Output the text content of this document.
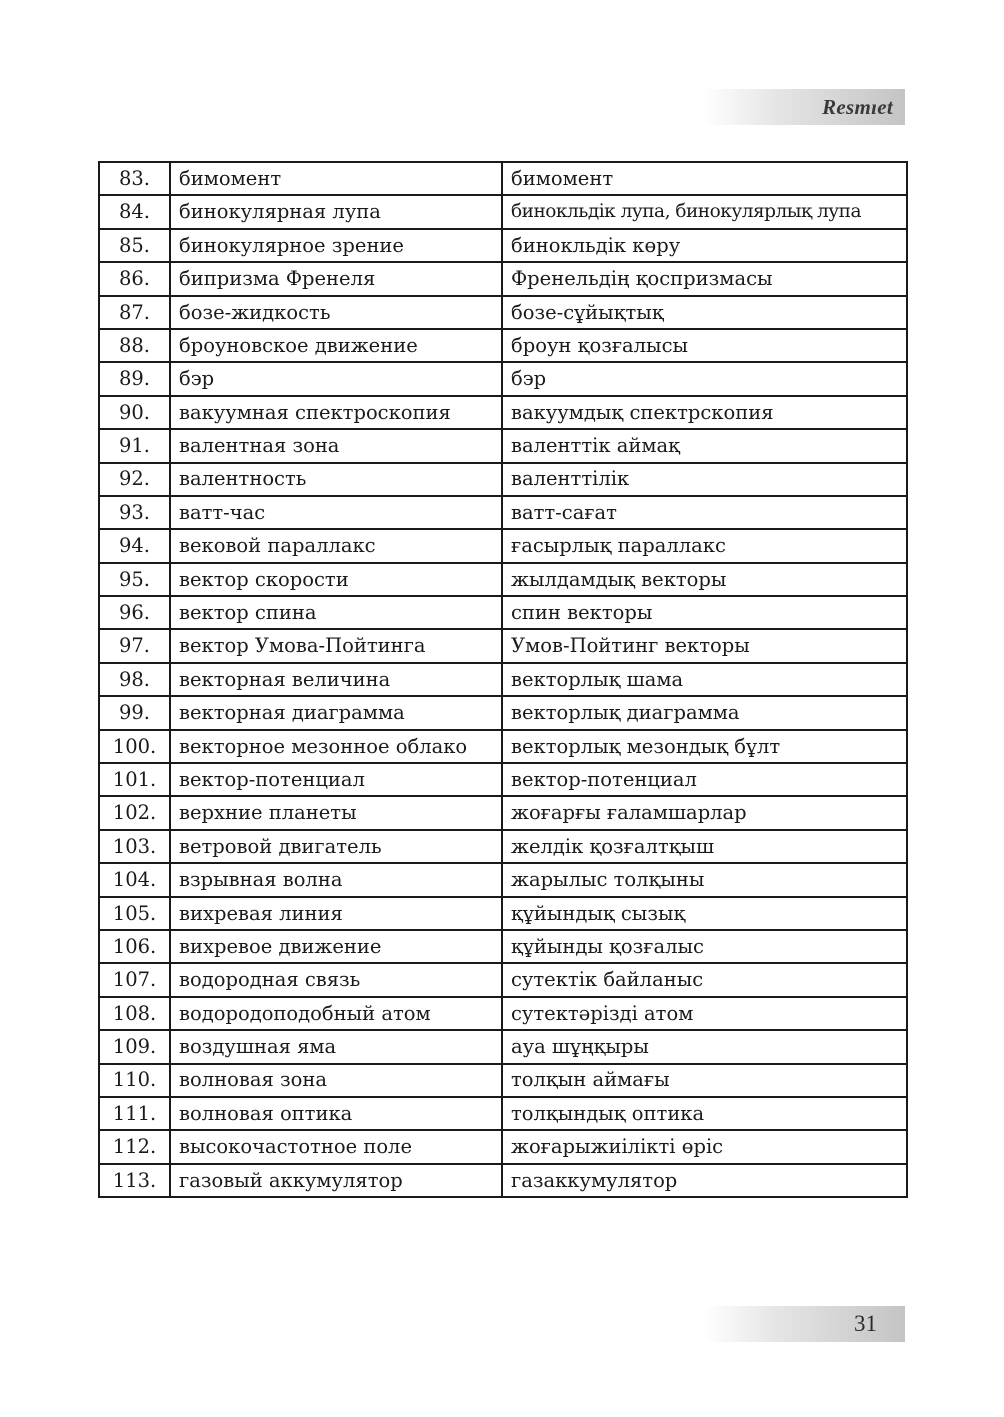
Resmıet
83.	бимомент	бимомент
84.	бинокулярная лупа	бинокльдік лупа, бинокулярлық лупа
85.	бинокулярное зрение	бинокльдік көру
86.	бипризма Френеля	Френельдің қоспризмасы
87.	бозе-жидкость	бозе-сұйықтық
88.	броуновское движение	броун қозғалысы
89.	бэр	бэр
90.	вакуумная спектроскопия	вакуумдық спектрскопия
91.	валентная зона	валенттік аймақ
92.	валентность	валенттілік
93.	ватт-час	ватт-сағат
94.	вековой параллакс	ғасырлық параллакс
95.	вектор скорости	жылдамдық векторы
96.	вектор спина	спин векторы
97.	вектор Умова-Пойтинга	Умов-Пойтинг векторы
98.	векторная величина	векторлық шама
99.	векторная диаграмма	векторлық диаграмма
100.	векторное мезонное облако	векторлық мезондық бұлт
101.	вектор-потенциал	вектор-потенциал
102.	верхние планеты	жоғарғы ғаламшарлар
103.	ветровой двигатель	желдік қозғалтқыш
104.	взрывная волна	жарылыс толқыны
105.	вихревая линия	құйындық сызық
106.	вихревое движение	құйынды қозғалыс
107.	водородная связь	сутектік байланыс
108.	водородоподобный атом	сутектәрізді атом
109.	воздушная яма	ауа шұңқыры
110.	волновая зона	толқын аймағы
111.	волновая оптика	толқындық оптика
112.	высокочастотное поле	жоғарыжиілікті өріс
113.	газовый аккумулятор	газаккумулятор
31
